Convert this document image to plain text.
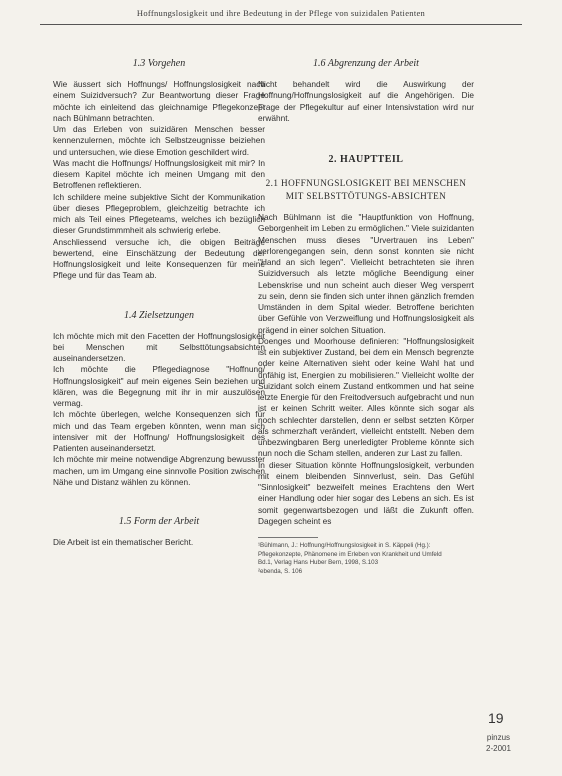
Hoffnungslosigkeit und ihre Bedeutung in der Pflege von suizidalen Patienten
1.3 Vorgehen

Wie äussert sich Hoffnungs/ Hoffnungslosigkeit nach einem Suizidversuch? Zur Beantwortung dieser Frage möchte ich einleitend das gleichnamige Pflegekonzept nach Bühlmann betrachten.

Um das Erleben von suizidären Menschen besser kennenzulernen, möchte ich Selbstzeugnisse beiziehen und untersuchen, wie diese Emotion geschildert wird.

Was macht die Hoffnungs/ Hoffnungslosigkeit mit mir? In diesem Kapitel möchte ich meinen Umgang mit den Betroffenen reflektieren.

Ich schildere meine subjektive Sicht der Kommunikation über dieses Pflegeproblem, gleichzeitig betrachte ich mich als Teil eines Pflegeteams, welches ich bezüglich dieser Grundstimmmheit als schwierig erlebe.

Anschliessend versuche ich, die obigen Beiträge bewertend, eine Einschätzung der Bedeutung der Hoffnungslosigkeit und leite Konsequenzen für meine Pflege und für das Team ab.

1.4 Zielsetzungen

Ich möchte mich mit den Facetten der Hoffnungslosigkeit bei Menschen mit Selbsttötungsabsichten auseinandersetzen.

Ich möchte die Pflegediagnose "Hoffnung/ Hoffnungslosigkeit" auf mein eigenes Sein beziehen und klären, was die Begegnung mit ihr in mir auszulösen vermag.

Ich möchte überlegen, welche Konsequenzen sich für mich und das Team ergeben könnten, wenn man sich intensiver mit der Hoffnung/ Hoffnungslosigkeit des Patienten auseinandersetzt.

Ich möchte mir meine notwendige Abgrenzung bewusster machen, um im Umgang eine sinnvolle Position zwischen Nähe und Distanz wählen zu können.

1.5 Form der Arbeit

Die Arbeit ist ein thematischer Bericht.

1.6 Abgrenzung der Arbeit

Nicht behandelt wird die Auswirkung der Hoffnung/Hoffnungslosigkeit auf die Angehörigen. Die Frage der Pflegekultur auf einer Intensivstation wird nur erwähnt.

2. HAUPTTEIL
2.1 HOFFNUNGSLOSIGKEIT BEI MENSCHEN MIT SELBSTTÖTUNGS-ABSICHTEN

Nach Bühlmann ist die "Hauptfunktion von Hoffnung, Geborgenheit im Leben zu ermöglichen." Viele suizidanten Menschen muss dieses "Urvertrauen ins Leben" verlorengegangen sein, denn sonst konnten sie nicht "Hand an sich legen". Vielleicht betrachteten sie ihren Suizidversuch als letzte mögliche Beendigung einer Lebenskrise und nun scheint auch dieser Weg versperrt zu sein, denn sie finden sich unter ihnen gänzlich fremden Umständen in dem Spital wieder. Betroffene berichten über Gefühle von Verzweiflung und Hoffnungslosigkeit als prägend in einer solchen Situation.

Doenges und Moorhouse definieren: "Hoffnungslosigkeit ist ein subjektiver Zustand, bei dem ein Mensch begrenzte oder keine Alternativen sieht oder keine Wahl hat und unfähig ist, Energien zu mobilisieren." Vielleicht wollte der Suizidant solch einem Zustand entkommen und hat seine letzte Energie für den Freitodversuch aufgebracht und nun ist er keinen Schritt weiter. Alles könnte sich sogar als noch schlechter darstellen, denn er selbst setzten Körper als schmerzhaft verändert, vielleicht entstellt. Neben dem unbezwingbaren Berg unerledigter Probleme könnte sich nun noch die Scham stellen, anderen zur Last zu fallen.

In dieser Situation könnte Hoffnungslosigkeit, verbunden mit einem bleibenden Sinnverlust, sein. Das Gefühl "Sinnlosigkeit" bezweifelt meines Erachtens den Wert einer Handlung oder hier sogar des Lebens an sich. Es ist somit gegenwartsbezogen und läßt die Zukunft offen. Dagegen scheint es

¹Bühlmann, J.: Hoffnung/Hoffnungslosigkeit in S. Käppeli (Hg.): Pflegekonzepte, Phänomene im Erleben von Krankheit und Umfeld Bd.1, Verlag Hans Huber Bern, 1998, S.103
²ebenda, S. 106
19
pinzus
2-2001
